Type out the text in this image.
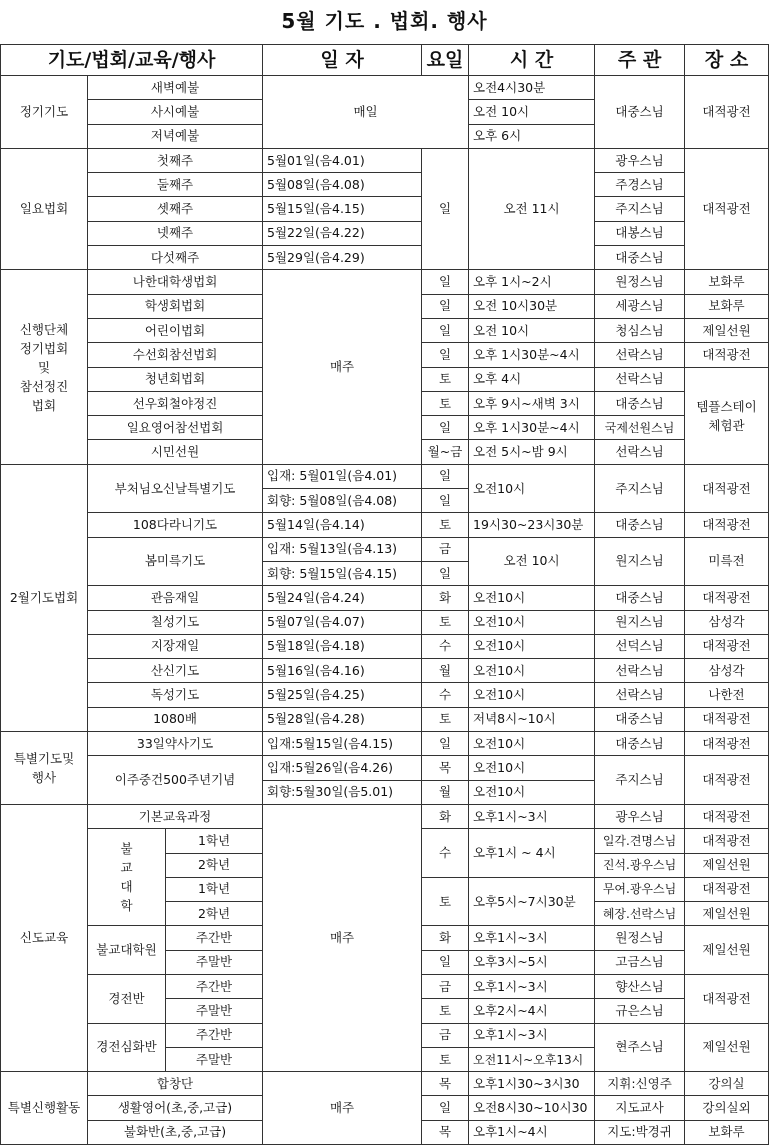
5월 기도 . 법회. 행사
기도/법회/교육/행사			일 자	요일	시 간	주 관	장 소
정기기도	새벽예불		매일		오전4시30분	대중스님	대적광전
	사시예불				오전 10시		
	저녁예불				오후 6시		
일요법회	첫째주		5월01일(음4.01)	일	오전 11시	광우스님	대적광전
	둘째주		5월08일(음4.08)			주경스님	
	셋째주		5월15일(음4.15)			주지스님	
	넷째주		5월22일(음4.22)			대봉스님	
	다섯째주		5월29일(음4.29)			대중스님	

신행단체
정기법회
및
참선정진
법회	나한대학생법회		매주	일	오후 1시~2시	원정스님	보화루
	학생회법회			일	오전 10시30분	세광스님	보화루
	어린이법회			일	오전 10시	청심스님	제일선원
	수선회참선법회			일	오후 1시30분~4시	선락스님	대적광전
	청년회법회			토	오후 4시	선락스님	템플스테이 체험관
	선우회철야정진			토	오후 9시~새벽 3시	대중스님	
	일요영어참선법회			일	오후 1시30분~4시	국제선원스님	
	시민선원			월~금	오전 5시~밤 9시	선락스님	
2월기도법회	부처님오신날특별기도		입재: 5월01일(음4.01)	일	오전10시	주지스님	대적광전
			회향: 5월08일(음4.08)	일			
	108다라니기도		5월14일(음4.14)	토	19시30~23시30분	대중스님	대적광전
	봄미륵기도		입재: 5월13일(음4.13)	금	오전 10시	원지스님	미륵전
			회향: 5월15일(음4.15)	일			
	관음재일		5월24일(음4.24)	화	오전10시	대중스님	대적광전
	칠성기도		5월07일(음4.07)	토	오전10시	원지스님	삼성각
	지장재일		5월18일(음4.18)	수	오전10시	선덕스님	대적광전
	산신기도		5월16일(음4.16)	월	오전10시	선락스님	삼성각
	독성기도		5월25일(음4.25)	수	오전10시	선락스님	나한전
	1080배		5월28일(음4.28)	토	저녁8시~10시	대중스님	대적광전

특별기도및
행사	33일약사기도		입재:5월15일(음4.15)	일	오전10시	대중스님	대적광전
	이주중건500주년기념		입재:5월26일(음4.26)	목	오전10시	주지스님	대적광전
			회향:5월30일(음5.01)	월	오전10시		
신도교육	기본교육과정		매주	화	오후1시~3시	광우스님	대적광전

	불
교
대
학	1학년		수	오후1시 ~ 4시	일각.견명스님	대적광전
		2학년				진석.광우스님	제일선원
		1학년		토	오후5시~7시30분	무여.광우스님	대적광전
		2학년				혜장.선락스님	제일선원
	불교대학원	주간반		화	오후1시~3시	원정스님	제일선원
		주말반		일	오후3시~5시	고금스님	
	경전반	주간반		금	오후1시~3시	향산스님	대적광전
		주말반		토	오후2시~4시	규은스님	
	경전심화반	주간반		금	오후1시~3시	현주스님	제일선원
		주말반		토	오전11시~오후13시		
특별신행활동	합창단		매주	목	오후1시30~3시30	지휘:신영주	강의실
	생활영어(초,중,고급)			일	오전8시30~10시30	지도교사	강의실외
	불화반(초,중,고급)			목	오후1시~4시	지도:박경귀	보화루
